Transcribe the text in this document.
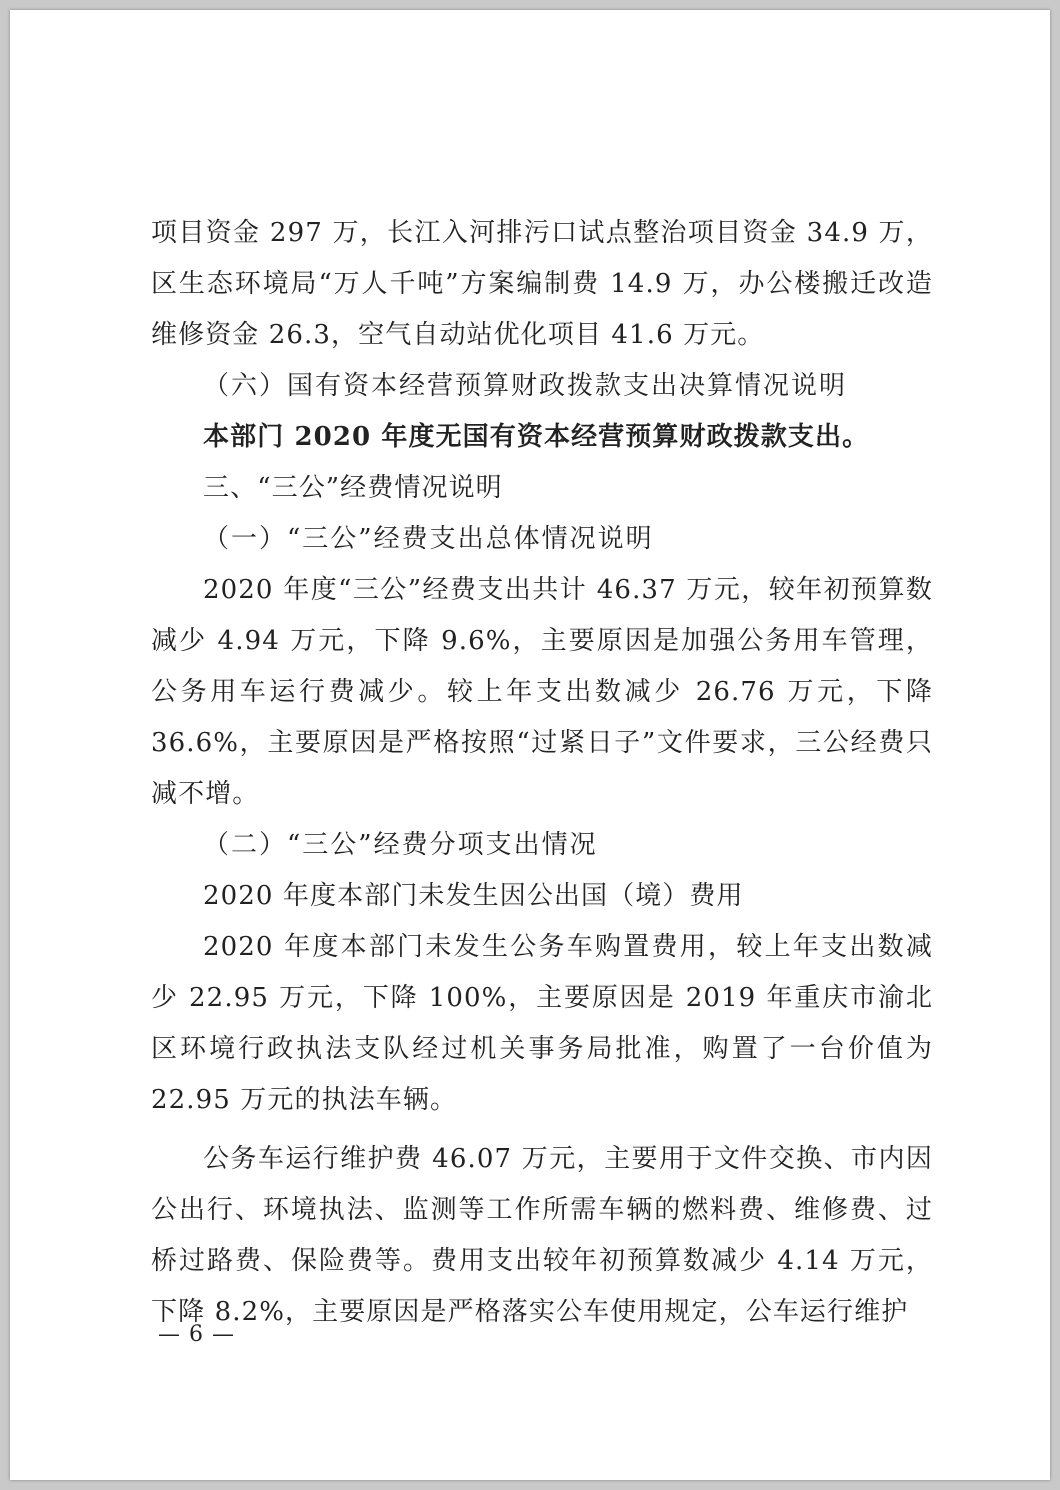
项目资金 297 万，长江入河排污口试点整治项目资金 34.9 万，区生态环境局“万人千吨”方案编制费 14.9 万，办公楼搬迁改造维修资金 26.3，空气自动站优化项目 41.6 万元。

（六）国有资本经营预算财政拨款支出决算情况说明

本部门 2020 年度无国有资本经营预算财政拨款支出。

三、“三公”经费情况说明

（一）“三公”经费支出总体情况说明

2020 年度“三公”经费支出共计 46.37 万元，较年初预算数减少 4.94 万元，下降 9.6%，主要原因是加强公务用车管理，公务用车运行费减少。较上年支出数减少 26.76 万元，下降 36.6%，主要原因是严格按照“过紧日子”文件要求，三公经费只减不增。

（二）“三公”经费分项支出情况

2020 年度本部门未发生因公出国（境）费用

2020 年度本部门未发生公务车购置费用，较上年支出数减少 22.95 万元，下降 100%，主要原因是 2019 年重庆市渝北区环境行政执法支队经过机关事务局批准，购置了一台价值为 22.95 万元的执法车辆。

公务车运行维护费 46.07 万元，主要用于文件交换、市内因公出行、环境执法、监测等工作所需车辆的燃料费、维修费、过桥过路费、保险费等。费用支出较年初预算数减少 4.14 万元，下降 8.2%，主要原因是严格落实公车使用规定，公车运行维护

— 6 —
